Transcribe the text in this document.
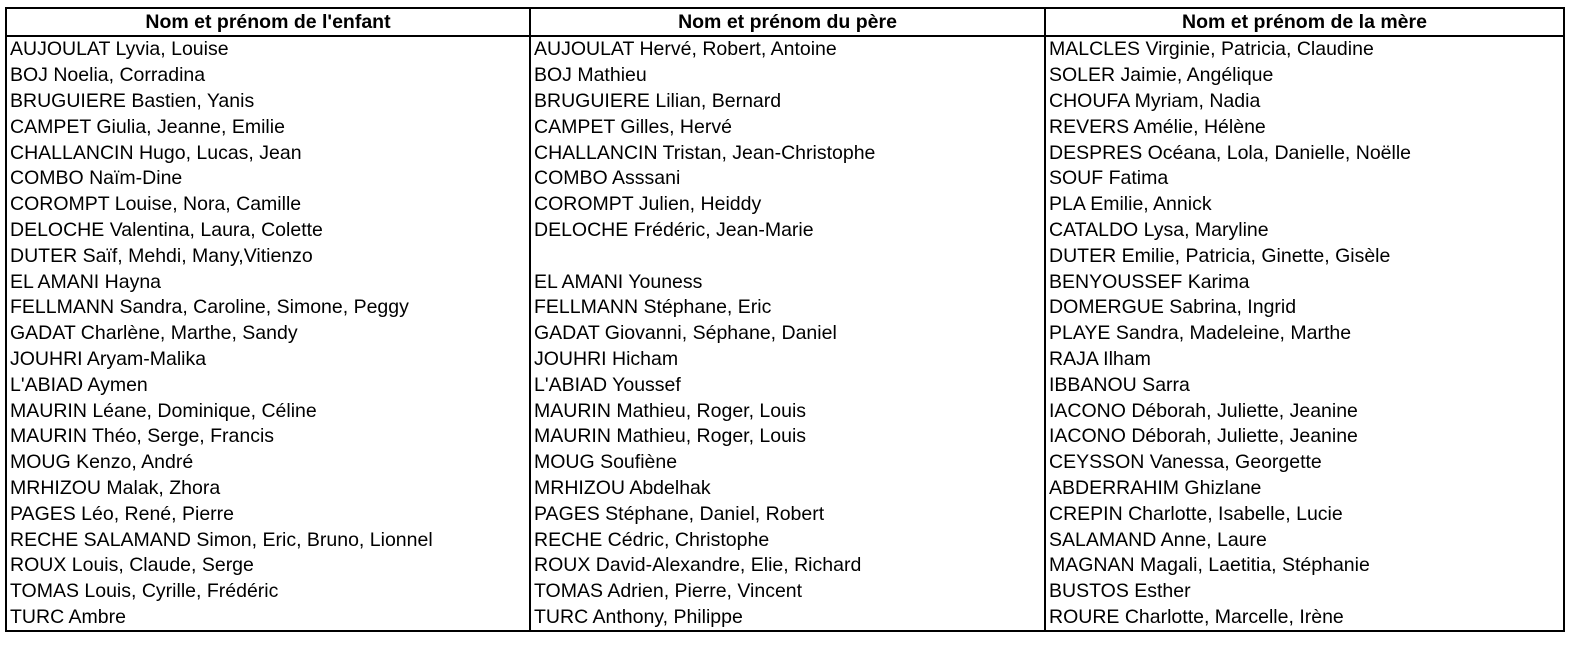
Nom et prénom de l'enfant	Nom et prénom du père	Nom et prénom de la mère
AUJOULAT Lyvia, Louise	AUJOULAT Hervé, Robert, Antoine	MALCLES Virginie, Patricia, Claudine
BOJ Noelia, Corradina	BOJ Mathieu	SOLER Jaimie, Angélique
BRUGUIERE Bastien, Yanis	BRUGUIERE Lilian, Bernard	CHOUFA Myriam, Nadia
CAMPET Giulia, Jeanne, Emilie	CAMPET Gilles, Hervé	REVERS Amélie, Hélène
CHALLANCIN Hugo, Lucas, Jean	CHALLANCIN Tristan, Jean-Christophe	DESPRES Océana, Lola, Danielle, Noëlle
COMBO Naïm-Dine	COMBO Asssani	SOUF Fatima
COROMPT Louise, Nora, Camille	COROMPT Julien, Heiddy	PLA Emilie, Annick
DELOCHE Valentina, Laura, Colette	DELOCHE Frédéric, Jean-Marie	CATALDO Lysa, Maryline
DUTER Saïf, Mehdi, Many,Vitienzo		DUTER Emilie, Patricia, Ginette, Gisèle
EL AMANI Hayna	EL AMANI Youness	BENYOUSSEF Karima
FELLMANN Sandra, Caroline, Simone, Peggy	FELLMANN Stéphane, Eric	DOMERGUE Sabrina, Ingrid
GADAT Charlène, Marthe, Sandy	GADAT Giovanni, Séphane, Daniel	PLAYE Sandra, Madeleine, Marthe
JOUHRI Aryam-Malika	JOUHRI Hicham	RAJA Ilham
L'ABIAD Aymen	L'ABIAD Youssef	IBBANOU Sarra
MAURIN Léane, Dominique, Céline	MAURIN Mathieu, Roger, Louis	IACONO Déborah, Juliette, Jeanine
MAURIN Théo, Serge, Francis	MAURIN Mathieu, Roger, Louis	IACONO Déborah, Juliette, Jeanine
MOUG Kenzo, André	MOUG Soufiène	CEYSSON Vanessa, Georgette
MRHIZOU Malak, Zhora	MRHIZOU Abdelhak	ABDERRAHIM Ghizlane
PAGES Léo, René, Pierre	PAGES Stéphane, Daniel, Robert	CREPIN Charlotte, Isabelle, Lucie
RECHE SALAMAND Simon, Eric, Bruno, Lionnel	RECHE Cédric, Christophe	SALAMAND Anne, Laure
ROUX Louis, Claude, Serge	ROUX David-Alexandre, Elie, Richard	MAGNAN Magali, Laetitia, Stéphanie
TOMAS Louis, Cyrille, Frédéric	TOMAS Adrien, Pierre, Vincent	BUSTOS Esther
TURC Ambre	TURC Anthony, Philippe	ROURE Charlotte, Marcelle, Irène
